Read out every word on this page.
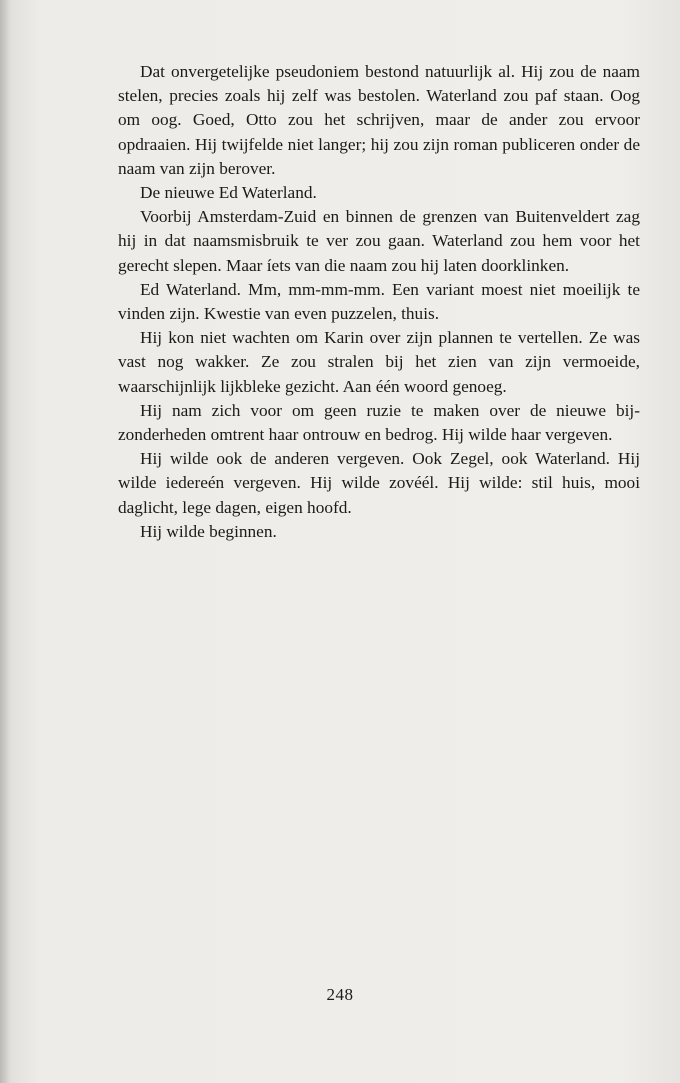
Dat onvergetelijke pseudoniem bestond natuurlijk al. Hij zou de naam stelen, precies zoals hij zelf was bestolen. Waterland zou paf staan. Oog om oog. Goed, Otto zou het schrijven, maar de ander zou ervoor opdraaien. Hij twijfelde niet langer; hij zou zijn roman publiceren onder de naam van zijn berover.

De nieuwe Ed Waterland.

Voorbij Amsterdam-Zuid en binnen de grenzen van Buitenveldert zag hij in dat naamsmisbruik te ver zou gaan. Waterland zou hem voor het gerecht slepen. Maar íets van die naam zou hij laten doorklinken.

Ed Waterland. Mm, mm-mm-mm. Een variant moest niet moeilijk te vinden zijn. Kwestie van even puzzelen, thuis.

Hij kon niet wachten om Karin over zijn plannen te vertellen. Ze was vast nog wakker. Ze zou stralen bij het zien van zijn vermoeide, waarschijnlijk lijkbleke gezicht. Aan één woord genoeg.

Hij nam zich voor om geen ruzie te maken over de nieuwe bijzonderheden omtrent haar ontrouw en bedrog. Hij wilde haar vergeven.

Hij wilde ook de anderen vergeven. Ook Zegel, ook Waterland. Hij wilde iedereén vergeven. Hij wilde zovéél. Hij wilde: stil huis, mooi daglicht, lege dagen, eigen hoofd.

Hij wilde beginnen.

248
